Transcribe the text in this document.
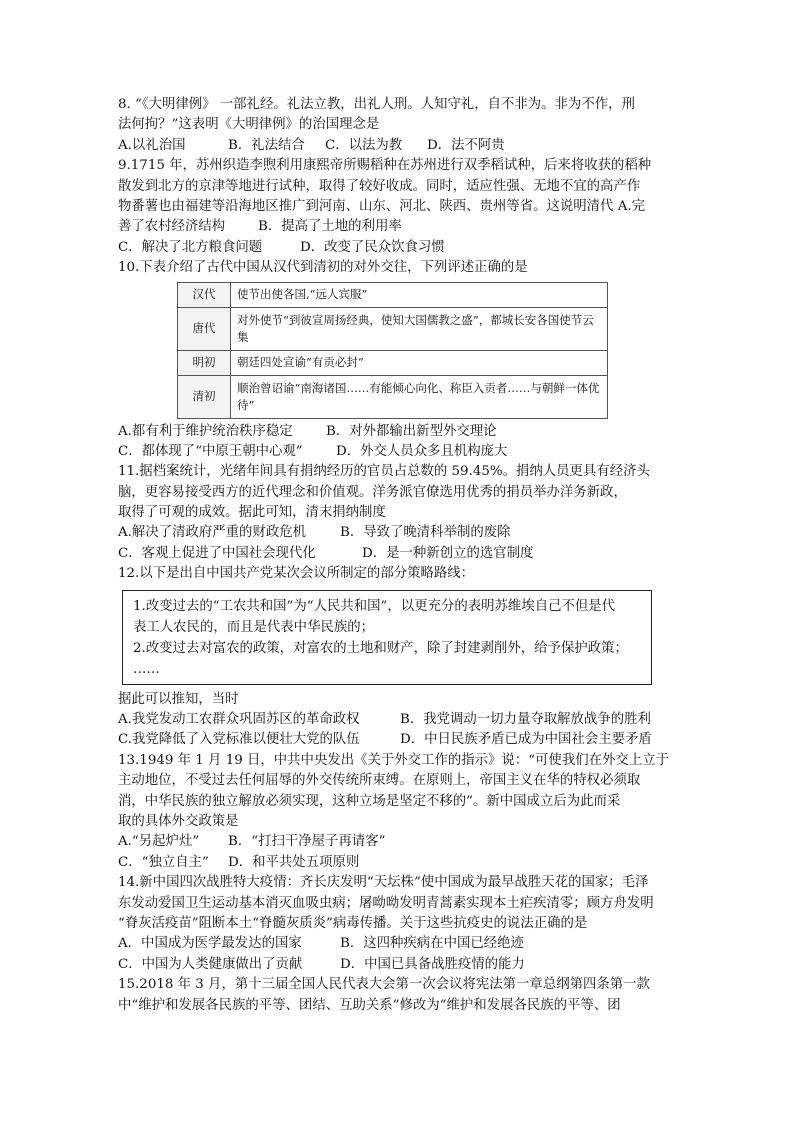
8. “《大明律例》 一部礼经。礼法立教，出礼人刑。人知守礼，自不非为。非为不作，刑
法何拘？”这表明《大明律例》的治国理念是
A.以礼治国	B．礼法结合 C．以法为教 D．法不阿贵
9.1715 年，苏州织造李煦利用康熙帝所赐稻种在苏州进行双季稻试种，后来将收获的稻种
散发到北方的京津等地进行试种，取得了较好收成。同时，适应性强、无地不宜的高产作
物番薯也由福建等沿海地区推广到河南、山东、河北、陕西、贵州等省。这说明清代 A.完
善了农村经济结构 B．提高了土地的利用率
C．解决了北方粮食问题	D．改变了民众饮食习惯
10.下表介绍了古代中国从汉代到清初的对外交往，下列评述正确的是
汉代	使节出使各国,“远人宾服”
唐代	对外使节“到彼宣周扬经典，使知大国儒教之盛”，都城长安各国使节云集
明初	朝廷四处宣谕“有贡必封”
清初	顺治曾诏谕“南海诸国……有能倾心向化、称臣入贡者……与朝鲜一体优待”
A.都有利于维护统治秩序稳定 B．对外都输出新型外交理论
C．都体现了“中原王朝中心观” D．外交人员众多且机构庞大
11.据档案统计，光绪年间具有捐纳经历的官员占总数的 59.45%。捐纳人员更具有经济头
脑，更容易接受西方的近代理念和价值观。洋务派官僚选用优秀的捐员举办洋务新政，
取得了可观的成效。据此可知，清末捐纳制度
A.解决了清政府严重的财政危机	B．导致了晚清科举制的废除
C．客观上促进了中国社会现代化	D．是一种新创立的选官制度
12.以下是出自中国共产党某次会议所制定的部分策略路线：
1.改变过去的“工农共和国”为“人民共和国”，以更充分的表明苏维埃自己不但是代
表工人农民的，而且是代表中华民族的；
2.改变过去对富农的政策，对富农的土地和财产，除了封建剥削外，给予保护政策；
……
据此可以推知，当时
A.我党发动工农群众巩固苏区的革命政权	B．我党调动一切力量夺取解放战争的胜利
C.我党降低了入党标准以便壮大党的队伍	D．中日民族矛盾已成为中国社会主要矛盾
13.1949 年 1 月 19 日，中共中央发出《关于外交工作的指示》说：“可使我们在外交上立于
主动地位，不受过去任何屈辱的外交传统所束缚。在原则上，帝国主义在华的特权必须取
消，中华民族的独立解放必须实现，这种立场是坚定不移的”。新中国成立后为此而采
取的具体外交政策是
A.“另起炉灶” B．“打扫干净屋子再请客”
C．“独立自主” D．和平共处五项原则
14.新中国四次战胜特大疫情：齐长庆发明“天坛株”使中国成为最早战胜天花的国家；毛泽
东发动爱国卫生运动基本消灭血吸虫病；屠呦呦发明青蒿素实现本土疟疾清零；顾方舟发明
“脊灰活疫苗”阻断本土“脊髓灰质炎”病毒传播。关于这些抗疫史的说法正确的是
A．中国成为医学最发达的国家	B．这四种疾病在中国已经绝迹
C．中国为人类健康做出了贡献	D．中国已具备战胜疫情的能力
15.2018 年 3 月，第十三届全国人民代表大会第一次会议将宪法第一章总纲第四条第一款
中“维护和发展各民族的平等、团结、互助关系”修改为“维护和发展各民族的平等、团
